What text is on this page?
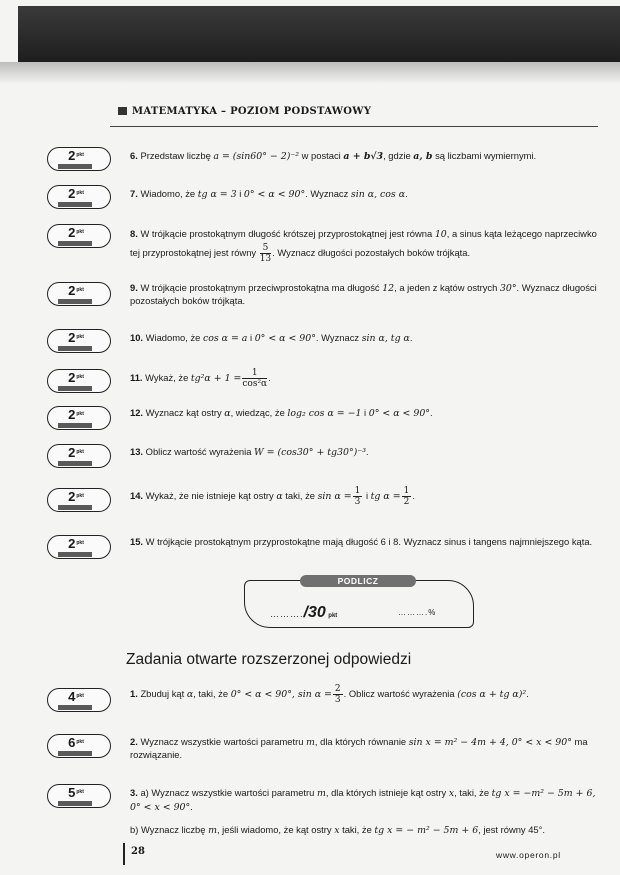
MATEMATYKA – POZIOM PODSTAWOWY
$2^{pkt}$	6. Przedstaw liczbę a = (sin60° − 2)⁻² w postaci a + b√3, gdzie a, b są liczbami wymiernymi.
$2^{pkt}$	7. Wiadomo, że tg α = 3 i 0° < α < 90°. Wyznacz sin α, cos α.
$2^{pkt}$	8. W trójkącie prostokątnym długość krótszej przyprostokątnej jest równa 10, a sinus kąta leżącego naprzeciwko tej przyprostokątnej jest równy $\frac{5}{13}$ . Wyznacz długości pozostałych boków trójkąta.
$2^{pkt}$	9. W trójkącie prostokątnym przeciwprostokątna ma długość 12, a jeden z kątów ostrych 30°. Wyznacz długości pozostałych boków trójkąta.
$2^{pkt}$	10. Wiadomo, że cos α = a i 0° < α < 90°. Wyznacz sin α, tg α.
$2^{pkt}$	11. Wykaż, że $tg^2\alpha + 1 = \frac{1}{\text{cos²α}}$ .
$2^{pkt}$	12. Wyznacz kąt ostry α, wiedząc, że log₂ cos α = −1 i 0° < α < 90°.
$2^{pkt}$	13. Oblicz wartość wyrażenia W = (cos30° + tg30°)⁻³.
$2^{pkt}$	14. Wykaż, że nie istnieje kąt ostry α taki, że $\sin \alpha = \frac{1}{3}$ i tg $\alpha = \frac{1}{2}$ .
$2^{pkt}$	15. W trójkącie prostokątnym przyprostokątne mają długość 6 i 8. Wyznacz sinus i tangens najmniejszego kąta.
PODLICZ
………./30 pkt	……….%
Zadania otwarte rozszerzonej odpowiedzi
$4^{pkt}$	1. Zbuduj kąt α, taki, że 0° < α < 90°, $\sin \alpha = \frac{2}{3}$ . Oblicz wartość wyrażenia (cos α + tg α)².
$6^{pkt}$	2. Wyznacz wszystkie wartości parametru m, dla których równanie sin x = m² − 4m + 4, 0° < x < 90° ma rozwiązanie.
$5^{pkt}$	3. a) Wyznacz wszystkie wartości parametru m, dla których istnieje kąt ostry x, taki, że tg x = −m² − 5m + 6, 0° < x < 90°.
b) Wyznacz liczbę m, jeśli wiadomo, że kąt ostry x taki, że tg x = − m² − 5m + 6, jest równy 45°.
28	www.operon.pl
